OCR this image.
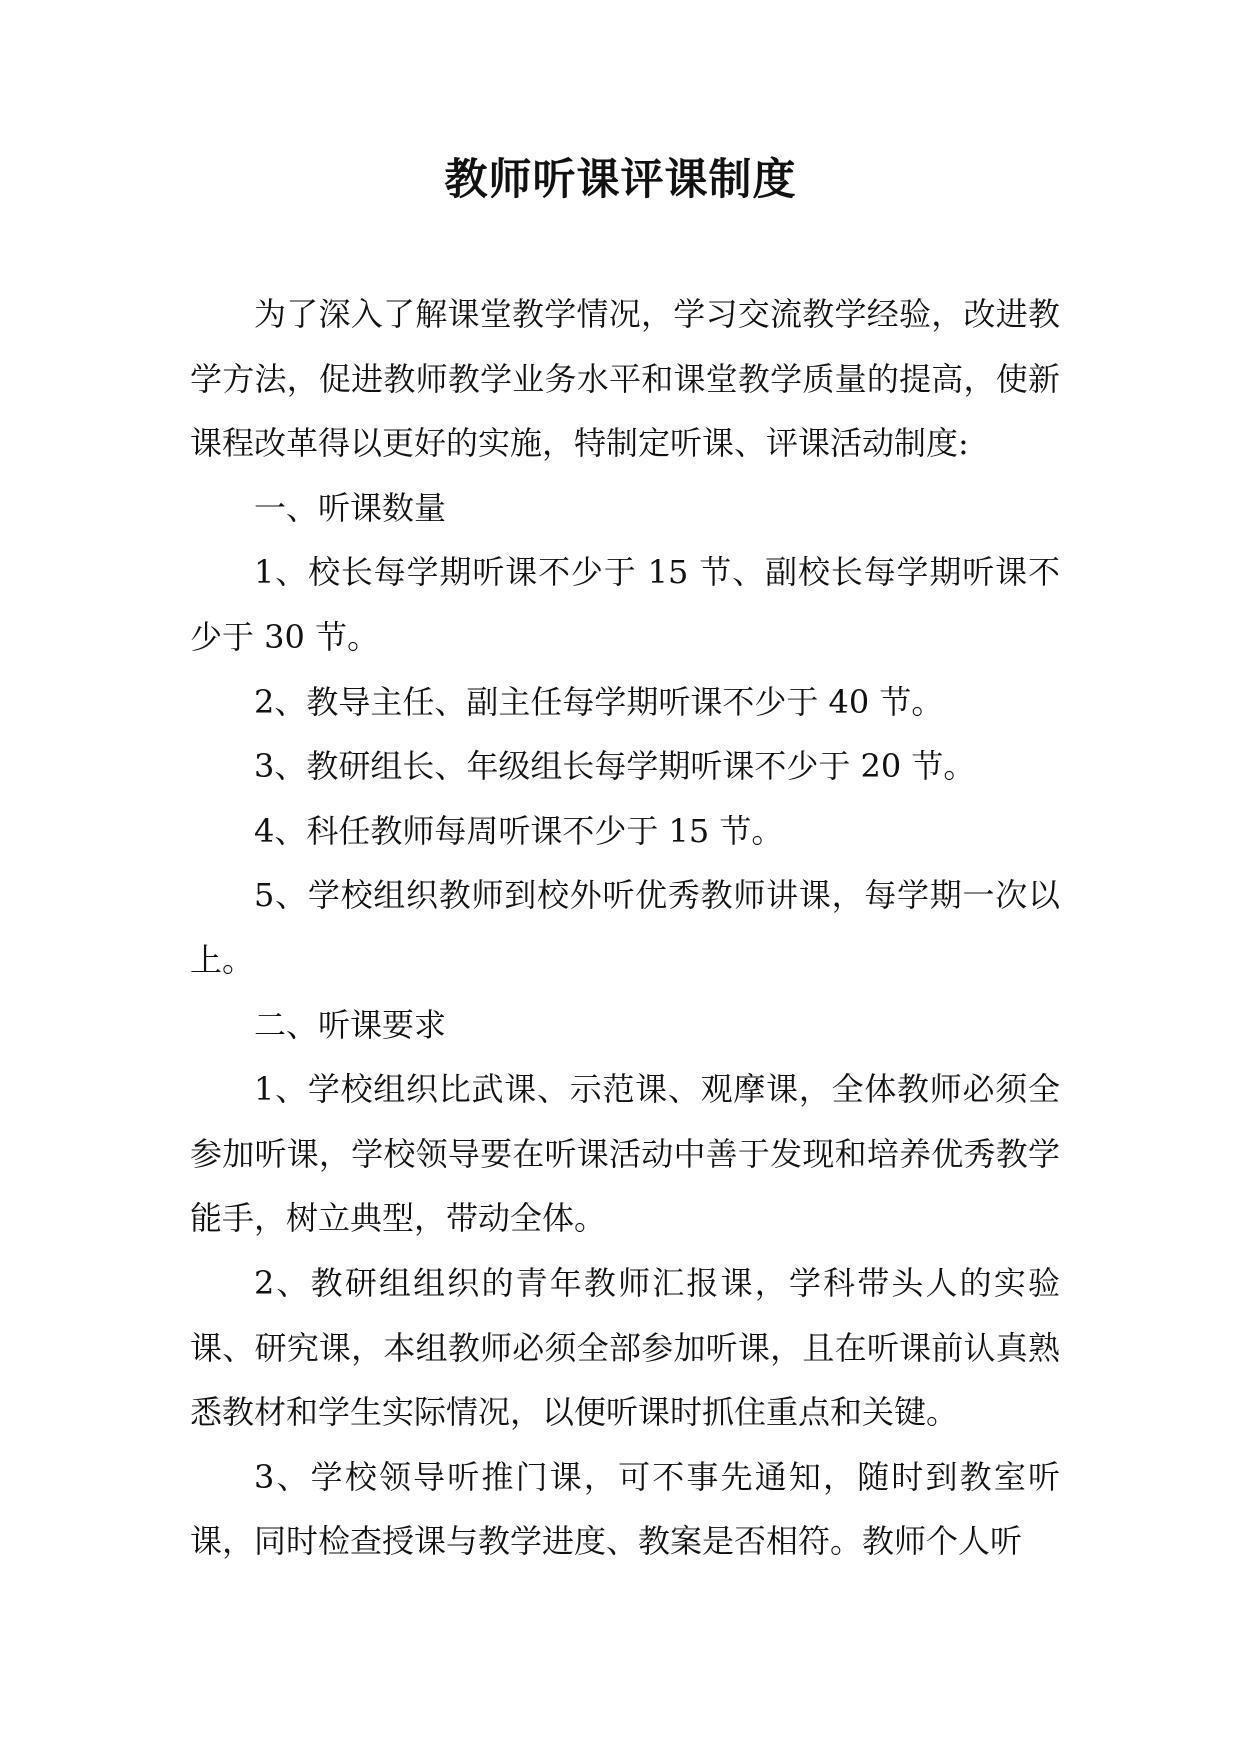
教师听课评课制度

为了深入了解课堂教学情况，学习交流教学经验，改进教学方法，促进教师教学业务水平和课堂教学质量的提高，使新课程改革得以更好的实施，特制定听课、评课活动制度:

一、听课数量

1、校长每学期听课不少于 15 节、副校长每学期听课不少于 30 节。

2、教导主任、副主任每学期听课不少于 40 节。

3、教研组长、年级组长每学期听课不少于 20 节。

4、科任教师每周听课不少于 15 节。

5、学校组织教师到校外听优秀教师讲课，每学期一次以上。

二、听课要求

1、学校组织比武课、示范课、观摩课，全体教师必须全参加听课，学校领导要在听课活动中善于发现和培养优秀教学能手，树立典型，带动全体。

2、教研组组织的青年教师汇报课，学科带头人的实验课、研究课，本组教师必须全部参加听课，且在听课前认真熟悉教材和学生实际情况，以便听课时抓住重点和关键。

3、学校领导听推门课，可不事先通知，随时到教室听课，同时检查授课与教学进度、教案是否相符。教师个人听
